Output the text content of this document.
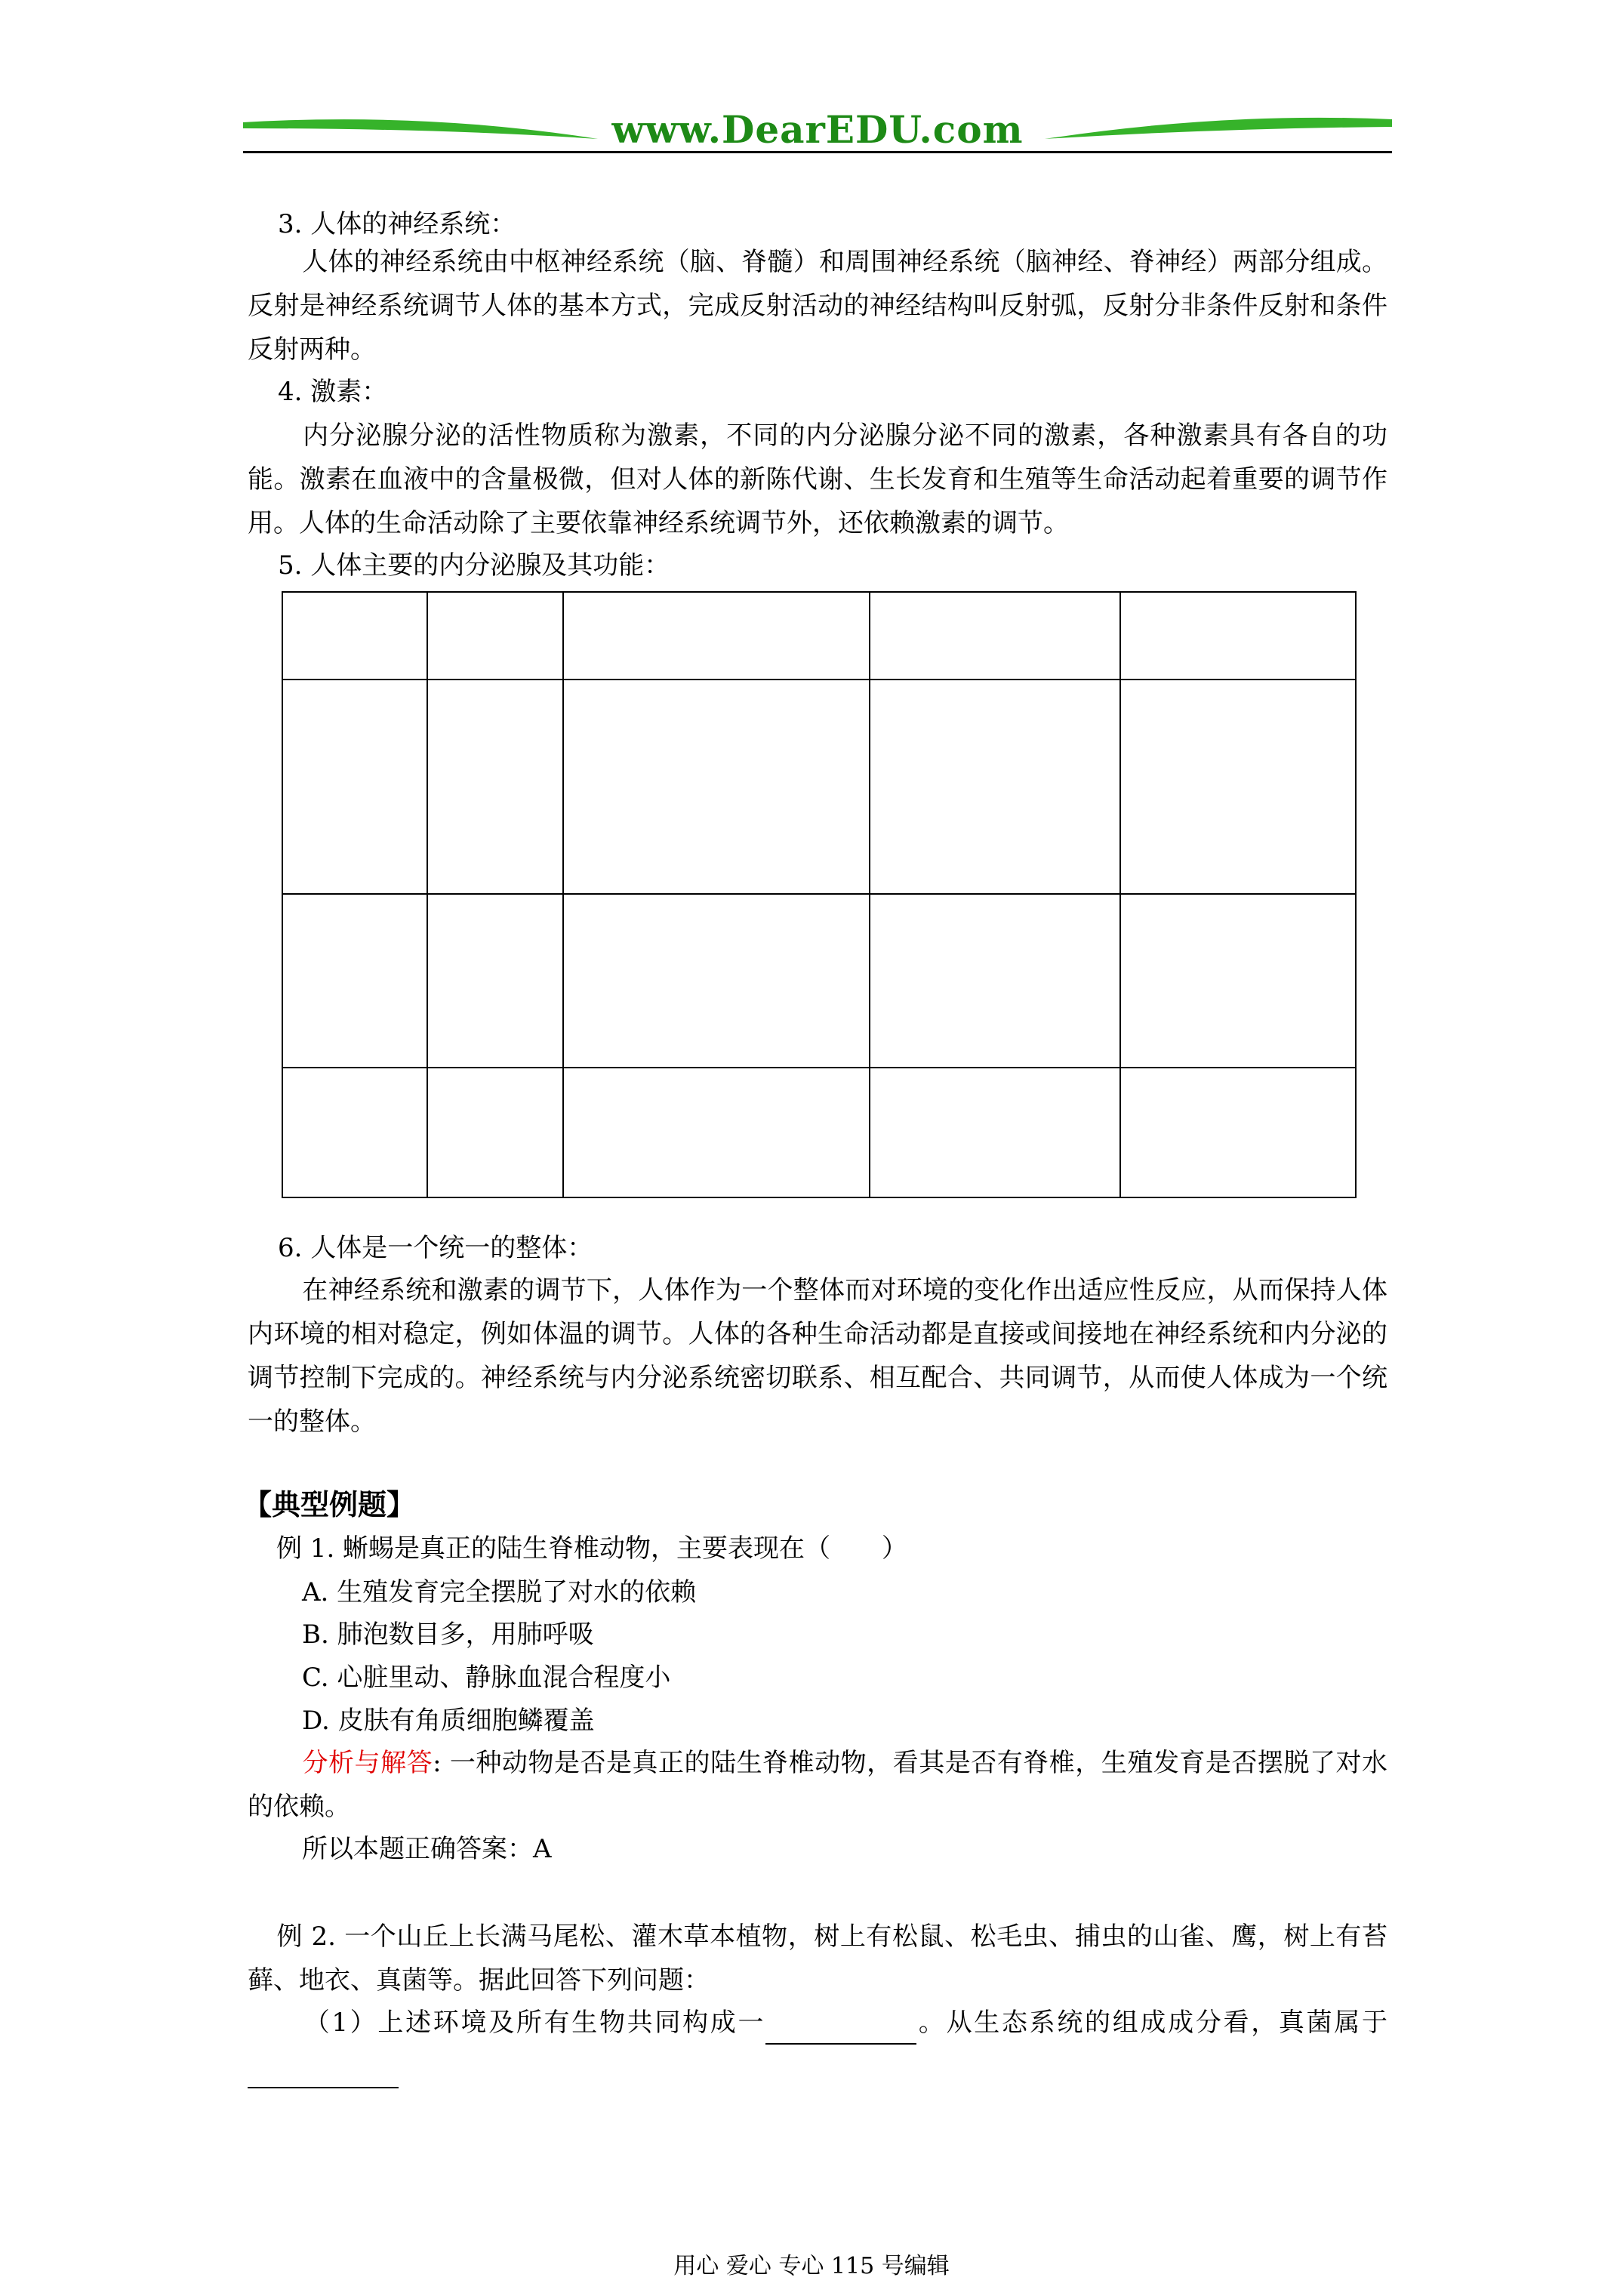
www.DearEDU.com
3. 人体的神经系统：
人体的神经系统由中枢神经系统（脑、脊髓）和周围神经系统（脑神经、脊神经）两部分组成。反射是神经系统调节人体的基本方式，完成反射活动的神经结构叫反射弧，反射分非条件反射和条件反射两种。
4. 激素：
内分泌腺分泌的活性物质称为激素，不同的内分泌腺分泌不同的激素，各种激素具有各自的功能。激素在血液中的含量极微，但对人体的新陈代谢、生长发育和生殖等生命活动起着重要的调节作用。人体的生命活动除了主要依靠神经系统调节外，还依赖激素的调节。
5. 人体主要的内分泌腺及其功能：

6. 人体是一个统一的整体：
在神经系统和激素的调节下，人体作为一个整体而对环境的变化作出适应性反应，从而保持人体内环境的相对稳定，例如体温的调节。人体的各种生命活动都是直接或间接地在神经系统和内分泌的调节控制下完成的。神经系统与内分泌系统密切联系、相互配合、共同调节，从而使人体成为一个统一的整体。
【典型例题】
例 1. 蜥蜴是真正的陆生脊椎动物，主要表现在（　　）
A. 生殖发育完全摆脱了对水的依赖
B. 肺泡数目多，用肺呼吸
C. 心脏里动、静脉血混合程度小
D. 皮肤有角质细胞鳞覆盖
分析与解答: 一种动物是否是真正的陆生脊椎动物，看其是否有脊椎，生殖发育是否摆脱了对水的依赖。
所以本题正确答案：A
例 2. 一个山丘上长满马尾松、灌木草本植物，树上有松鼠、松毛虫、捕虫的山雀、鹰，树上有苔藓、地衣、真菌等。据此回答下列问题：
（1）上述环境及所有生物共同构成一	。从生态系统的组成成分看，真菌属于
用心 爱心 专心 115 号编辑
